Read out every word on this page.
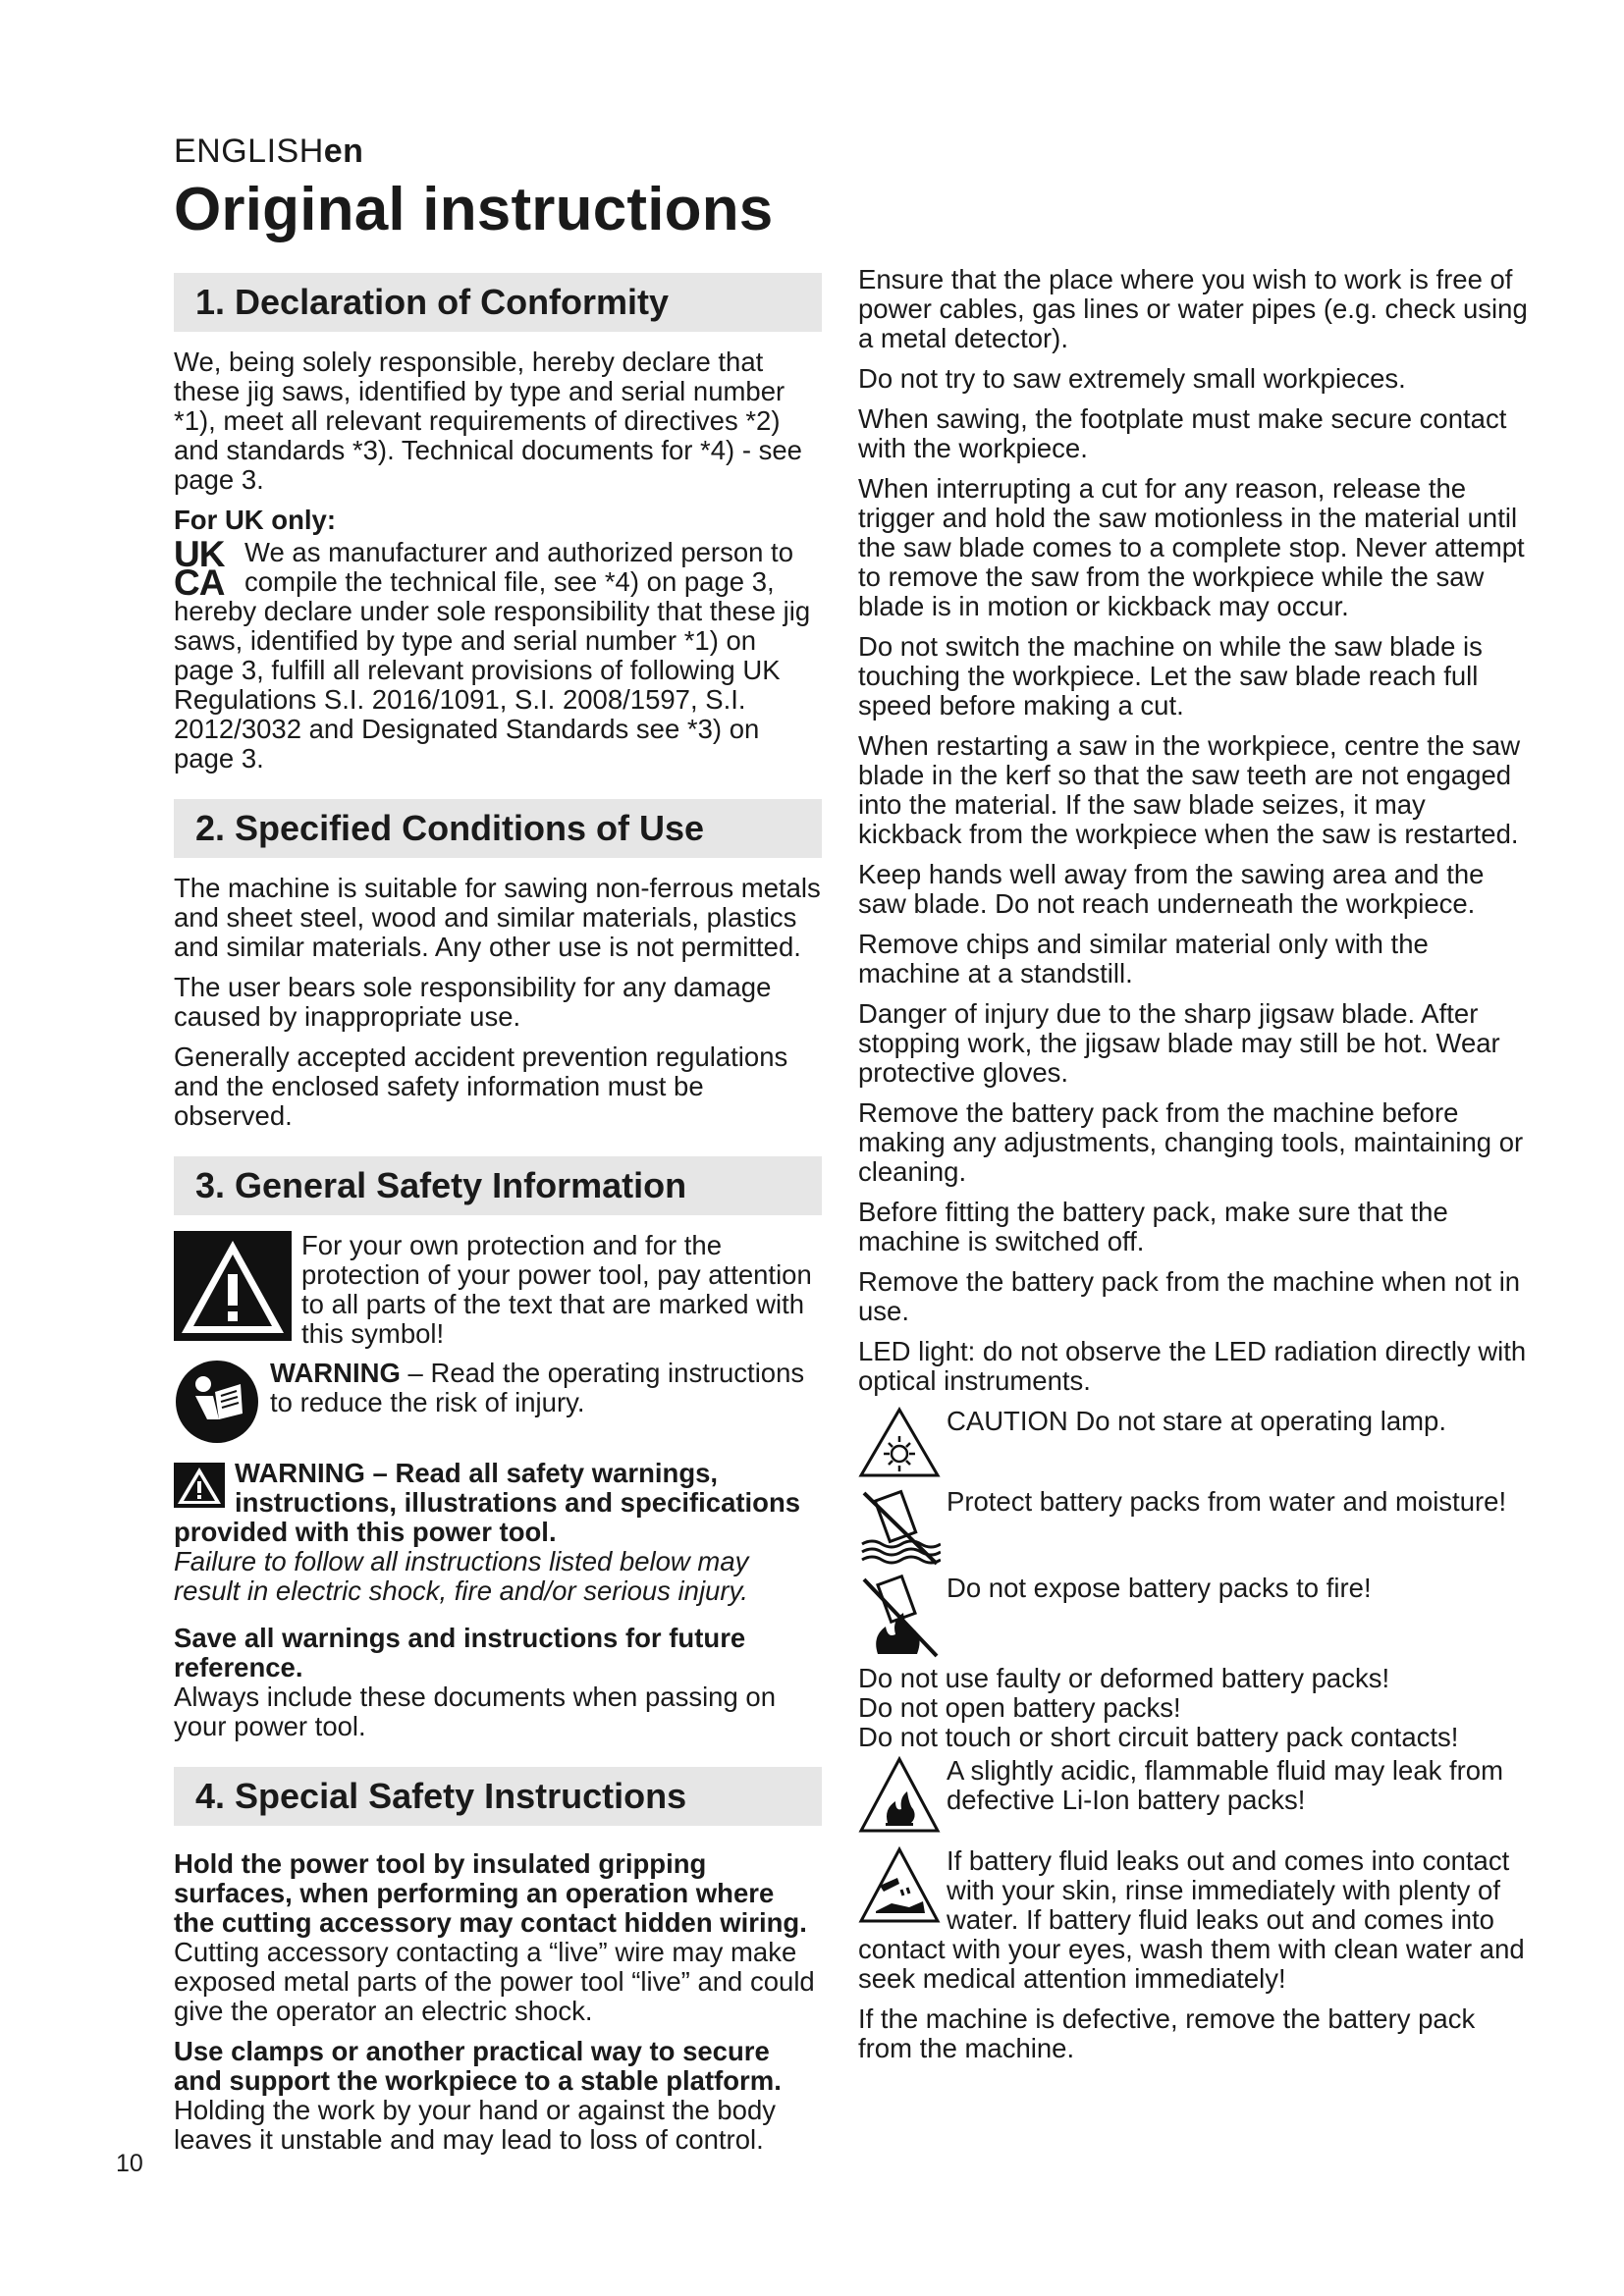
ENGLISHen
Original instructions
1. Declaration of Conformity

We, being solely responsible, hereby declare that these jig saws, identified by type and serial number *1), meet all relevant requirements of directives *2) and standards *3). Technical documents for *4) - see page 3.

For UK only:

UK
CA
We as manufacturer and authorized person to compile the technical file, see *4) on page 3, hereby declare under sole responsibility that these jig saws, identified by type and serial number *1) on page 3, fulfill all relevant provisions of following UK Regulations S.I. 2016/1091, S.I. 2008/1597, S.I. 2012/3032 and Designated Standards see *3) on page 3.

2. Specified Conditions of Use

The machine is suitable for sawing non-ferrous metals and sheet steel, wood and similar materials, plastics and similar materials. Any other use is not permitted.

The user bears sole responsibility for any damage caused by inappropriate use.

Generally accepted accident prevention regulations and the enclosed safety information must be observed.

3. General Safety Information

For your own protection and for the protection of your power tool, pay attention to all parts of the text that are marked with this symbol!

WARNING – Read the operating instructions to reduce the risk of injury.

WARNING – Read all safety warnings, instructions, illustrations and specifications provided with this power tool.
Failure to follow all instructions listed below may result in electric shock, fire and/or serious injury.

Save all warnings and instructions for future reference.
Always include these documents when passing on your power tool.

4. Special Safety Instructions

Hold the power tool by insulated gripping surfaces, when performing an operation where the cutting accessory may contact hidden wiring. Cutting accessory contacting a “live” wire may make exposed metal parts of the power tool “live” and could give the operator an electric shock.

Use clamps or another practical way to secure and support the workpiece to a stable platform. Holding the work by your hand or against the body leaves it unstable and may lead to loss of control.

Ensure that the place where you wish to work is free of power cables, gas lines or water pipes (e.g. check using a metal detector).

Do not try to saw extremely small workpieces.

When sawing, the footplate must make secure contact with the workpiece.

When interrupting a cut for any reason, release the trigger and hold the saw motionless in the material until the saw blade comes to a complete stop. Never attempt to remove the saw from the workpiece while the saw blade is in motion or kickback may occur.

Do not switch the machine on while the saw blade is touching the workpiece. Let the saw blade reach full speed before making a cut.

When restarting a saw in the workpiece, centre the saw blade in the kerf so that the saw teeth are not engaged into the material. If the saw blade seizes, it may kickback from the workpiece when the saw is restarted.

Keep hands well away from the sawing area and the saw blade. Do not reach underneath the workpiece.

Remove chips and similar material only with the machine at a standstill.

Danger of injury due to the sharp jigsaw blade. After stopping work, the jigsaw blade may still be hot. Wear protective gloves.

Remove the battery pack from the machine before making any adjustments, changing tools, maintaining or cleaning.

Before fitting the battery pack, make sure that the machine is switched off.

Remove the battery pack from the machine when not in use.

LED light: do not observe the LED radiation directly with optical instruments.

CAUTION Do not stare at operating lamp.

Protect battery packs from water and moisture!

Do not expose battery packs to fire!

Do not use faulty or deformed battery packs!

Do not open battery packs!

Do not touch or short circuit battery pack contacts!

A slightly acidic, flammable fluid may leak from defective Li-Ion battery packs!

If battery fluid leaks out and comes into contact with your skin, rinse immediately with plenty of water. If battery fluid leaks out and comes into contact with your eyes, wash them with clean water and seek medical attention immediately!

If the machine is defective, remove the battery pack from the machine.

10
